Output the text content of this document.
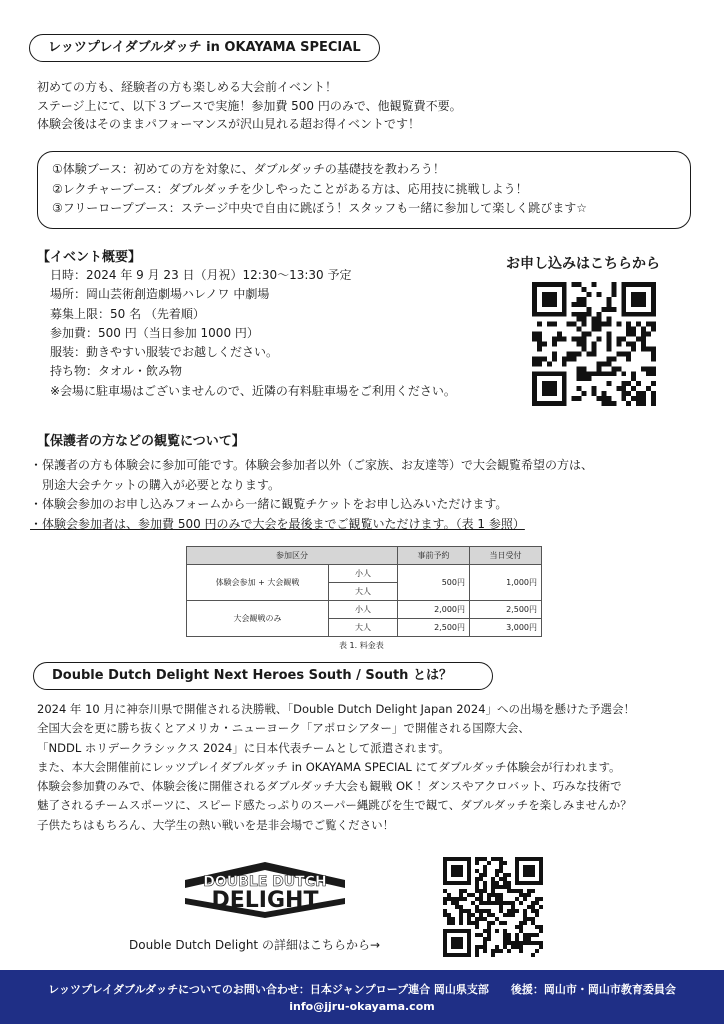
レッツプレイダブルダッチ in OKAYAMA SPECIAL
初めての方も、経験者の方も楽しめる大会前イベント！
ステージ上にて、以下３ブースで実施！参加費 500 円のみで、他観覧費不要。
体験会後はそのままパフォーマンスが沢山見れる超お得イベントです！
①体験ブース：初めての方を対象に、ダブルダッチの基礎技を教わろう！
②レクチャーブース：ダブルダッチを少しやったことがある方は、応用技に挑戦しよう！
③フリーロープブース：ステージ中央で自由に跳ぼう！スタッフも一緒に参加して楽しく跳びます☆
【イベント概要】
日時：2024 年 9 月 23 日（月祝）12:30〜13:30 予定
場所：岡山芸術創造劇場ハレノワ 中劇場
募集上限：50 名 （先着順）
参加費：500 円（当日参加 1000 円）
服装：動きやすい服装でお越しください。
持ち物：タオル・飲み物
※会場に駐車場はございませんので、近隣の有料駐車場をご利用ください。
お申し込みはこちらから
【保護者の方などの観覧について】
・保護者の方も体験会に参加可能です。体験会参加者以外（ご家族、お友達等）で大会観覧希望の方は、
　別途大会チケットの購入が必要となります。
・体験会参加のお申し込みフォームから一緒に観覧チケットをお申し込みいただけます。
・体験会参加者は、参加費 500 円のみで大会を最後までご観覧いただけます。（表 1 参照）
参加区分		事前予約	当日受付
体験会参加 + 大会観戦	小人	500円	1,000円
	大人		
大会観戦のみ	小人	2,000円	2,500円
	大人	2,500円	3,000円
表 1. 料金表
Double Dutch Delight Next Heroes South / South とは？
2024 年 10 月に神奈川県で開催される決勝戦、「Double Dutch Delight Japan 2024」への出場を懸けた予選会！
全国大会を更に勝ち抜くとアメリカ・ニューヨーク「アポロシアター」で開催される国際大会、
「NDDL ホリデークラシックス 2024」に日本代表チームとして派遣されます。
また、本大会開催前にレッツプレイダブルダッチ in OKAYAMA SPECIAL にてダブルダッチ体験会が行われます。
体験会参加費のみで、体験会後に開催されるダブルダッチ大会も観戦 OK ！ダンスやアクロバット、巧みな技術で
魅了されるチームスポーツに、スピード感たっぷりのスーパー縄跳びを生で観て、ダブルダッチを楽しみませんか？
子供たちはもちろん、大学生の熱い戦いを是非会場でご覧ください！
DOUBLE DUTCH
DELIGHT
Double Dutch Delight の詳細はこちらから→
レッツプレイダブルダッチについてのお問い合わせ：日本ジャンプロープ連合 岡山県支部　　後援：岡山市・岡山市教育委員会
info@jjru-okayama.com
